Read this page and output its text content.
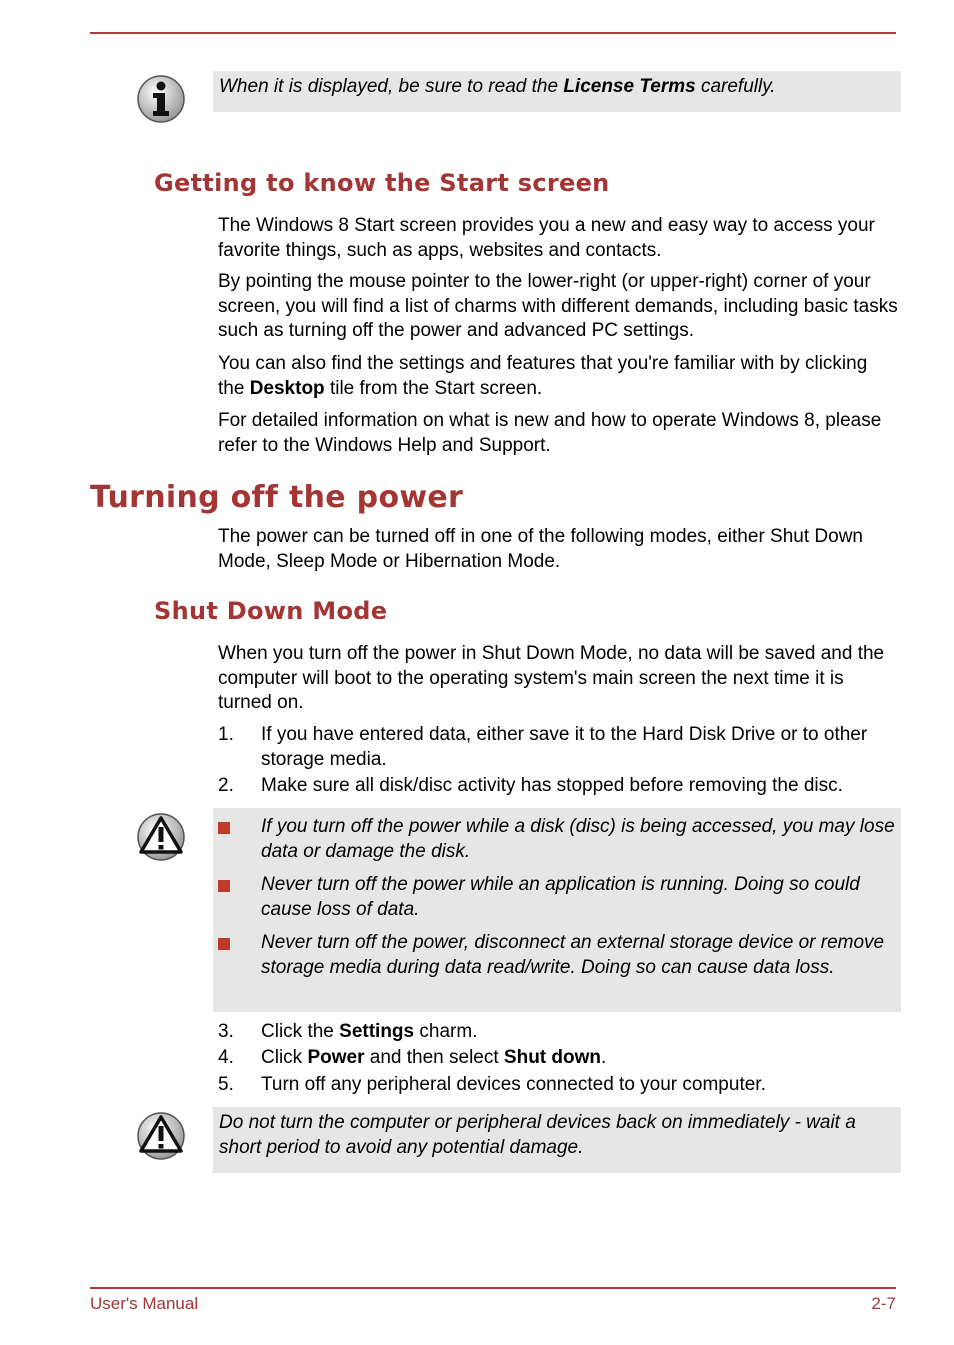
When it is displayed, be sure to read the License Terms carefully.
Getting to know the Start screen
The Windows 8 Start screen provides you a new and easy way to access your favorite things, such as apps, websites and contacts.
By pointing the mouse pointer to the lower-right (or upper-right) corner of your screen, you will find a list of charms with different demands, including basic tasks such as turning off the power and advanced PC settings.
You can also find the settings and features that you're familiar with by clicking the Desktop tile from the Start screen.
For detailed information on what is new and how to operate Windows 8, please refer to the Windows Help and Support.
Turning off the power
The power can be turned off in one of the following modes, either Shut Down Mode, Sleep Mode or Hibernation Mode.
Shut Down Mode
When you turn off the power in Shut Down Mode, no data will be saved and the computer will boot to the operating system's main screen the next time it is turned on.
1. If you have entered data, either save it to the Hard Disk Drive or to other storage media.
2. Make sure all disk/disc activity has stopped before removing the disc.
If you turn off the power while a disk (disc) is being accessed, you may lose data or damage the disk.
Never turn off the power while an application is running. Doing so could cause loss of data.
Never turn off the power, disconnect an external storage device or remove storage media during data read/write. Doing so can cause data loss.
3. Click the Settings charm.
4. Click Power and then select Shut down.
5. Turn off any peripheral devices connected to your computer.
Do not turn the computer or peripheral devices back on immediately - wait a short period to avoid any potential damage.
User's Manual	2-7
